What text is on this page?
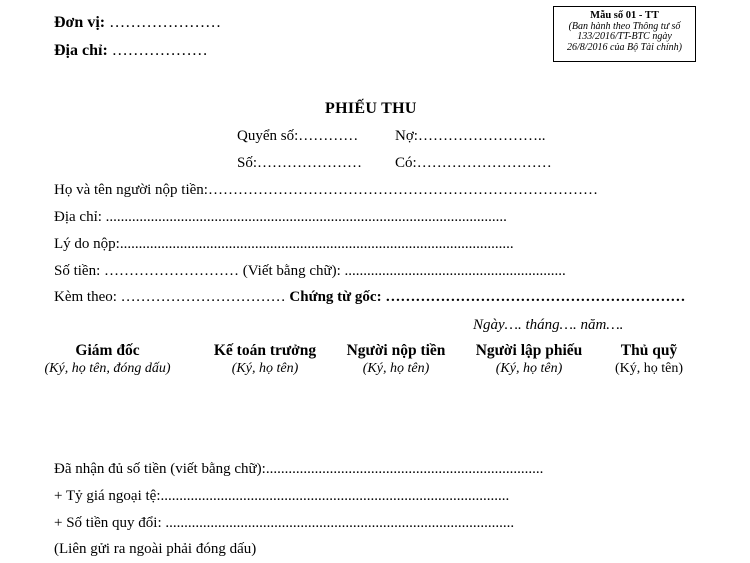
Đơn vị: …………………
Địa chỉ: ………………
Mẫu số 01 - TT
(Ban hành theo Thông tư số
133/2016/TT-BTC ngày
26/8/2016 của Bộ Tài chính)
PHIẾU THU
Quyển số:………… Nợ:……………………..
Số:………………… Có:………………………
Họ và tên người nộp tiền:……………………………………………………………………
Địa chỉ: ...........................................................................................................
Lý do nộp:.........................................................................................................
Số tiền: ……………………… (Viết bằng chữ): ...........................................................
Kèm theo: …………………………… Chứng từ gốc: ……………………………………………………
Ngày…. tháng…. năm….
Giám đốc
(Ký, họ tên, đóng dấu)
Kế toán trưởng
(Ký, họ tên)
Người nộp tiền
(Ký, họ tên)
Người lập phiếu
(Ký, họ tên)
Thủ quỹ
(Ký, họ tên)
Đã nhận đủ số tiền (viết bằng chữ):..........................................................................
+ Tỷ giá ngoại tệ:.............................................................................................
+ Số tiền quy đổi: .............................................................................................
(Liên gửi ra ngoài phải đóng dấu)
